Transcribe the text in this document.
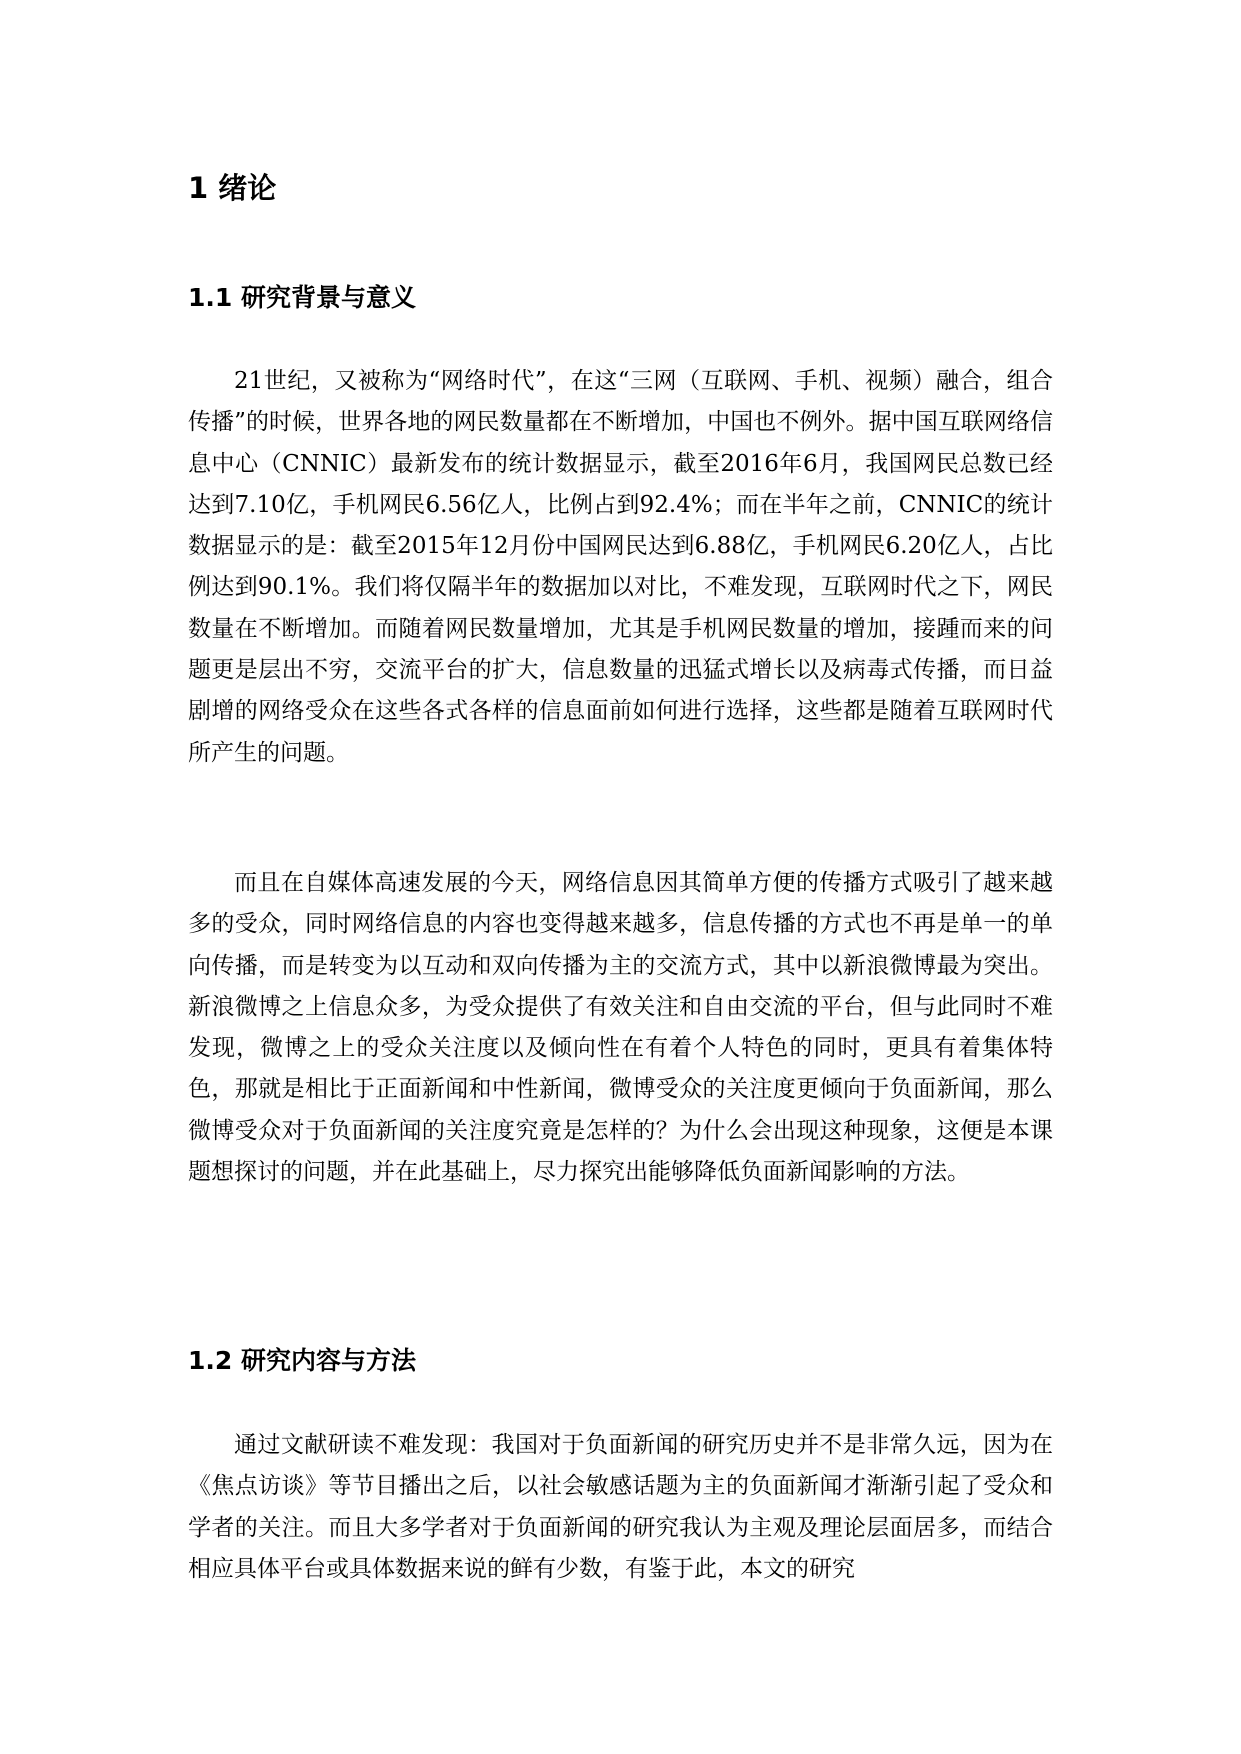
1 绪论
1.1 研究背景与意义

21世纪，又被称为“网络时代”，在这“三网（互联网、手机、视频）融合，组合传播”的时候，世界各地的网民数量都在不断增加，中国也不例外。据中国互联网络信息中心（CNNIC）最新发布的统计数据显示，截至2016年6月，我国网民总数已经达到7.10亿，手机网民6.56亿人，比例占到92.4%；而在半年之前，CNNIC的统计数据显示的是：截至2015年12月份中国网民达到6.88亿，手机网民6.20亿人，占比例达到90.1%。我们将仅隔半年的数据加以对比，不难发现，互联网时代之下，网民数量在不断增加。而随着网民数量增加，尤其是手机网民数量的增加，接踵而来的问题更是层出不穷，交流平台的扩大，信息数量的迅猛式增长以及病毒式传播，而日益剧增的网络受众在这些各式各样的信息面前如何进行选择，这些都是随着互联网时代所产生的问题。

而且在自媒体高速发展的今天，网络信息因其简单方便的传播方式吸引了越来越多的受众，同时网络信息的内容也变得越来越多，信息传播的方式也不再是单一的单向传播，而是转变为以互动和双向传播为主的交流方式，其中以新浪微博最为突出。新浪微博之上信息众多，为受众提供了有效关注和自由交流的平台，但与此同时不难发现，微博之上的受众关注度以及倾向性在有着个人特色的同时，更具有着集体特色，那就是相比于正面新闻和中性新闻，微博受众的关注度更倾向于负面新闻，那么微博受众对于负面新闻的关注度究竟是怎样的？为什么会出现这种现象，这便是本课题想探讨的问题，并在此基础上，尽力探究出能够降低负面新闻影响的方法。

1.2 研究内容与方法

通过文献研读不难发现：我国对于负面新闻的研究历史并不是非常久远，因为在《焦点访谈》等节目播出之后，以社会敏感话题为主的负面新闻才渐渐引起了受众和学者的关注。而且大多学者对于负面新闻的研究我认为主观及理论层面居多，而结合相应具体平台或具体数据来说的鲜有少数，有鉴于此，本文的研究
